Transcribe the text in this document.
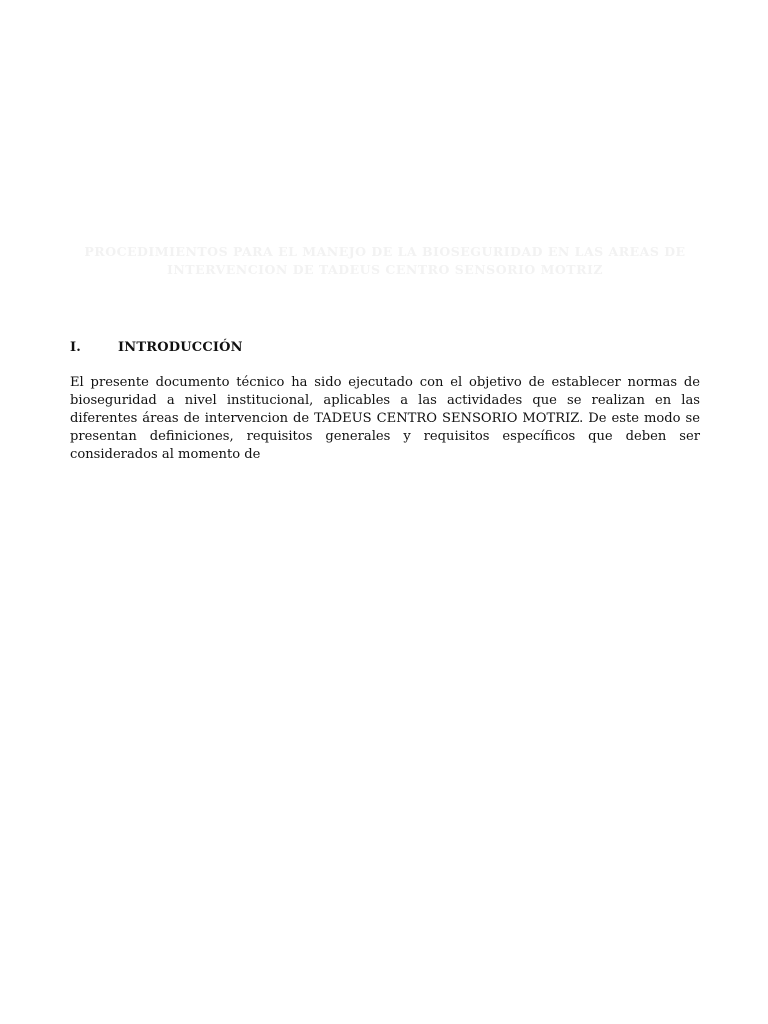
PROCEDIMIENTOS PARA EL MANEJO DE LA BIOSEGURIDAD EN LAS AREAS DE INTERVENCION DE TADEUS CENTRO SENSORIO MOTRIZ
I.	INTRODUCCIÓN

El presente documento técnico ha sido ejecutado con el objetivo de establecer normas de bioseguridad a nivel institucional, aplicables a las actividades que se realizan en las diferentes áreas de intervencion de TADEUS CENTRO SENSORIO MOTRIZ. De este modo se presentan definiciones, requisitos generales y requisitos específicos que deben ser considerados al momento de
